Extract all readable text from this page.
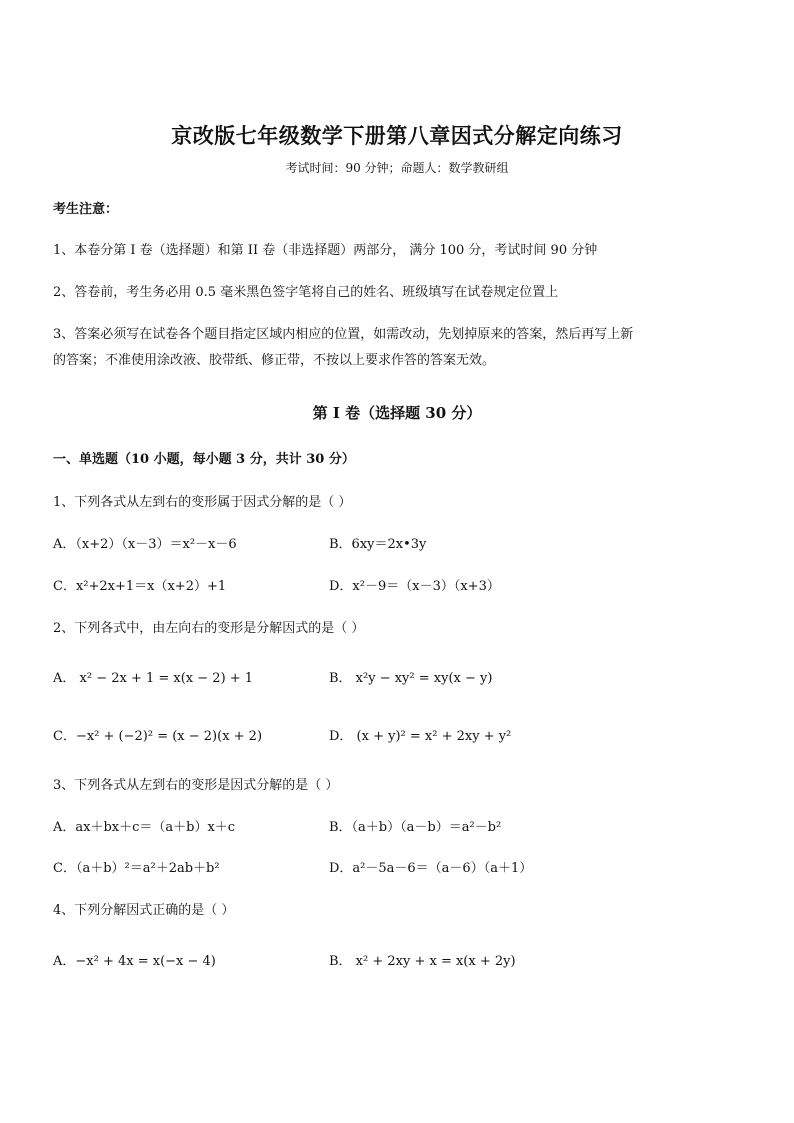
京改版七年级数学下册第八章因式分解定向练习
考试时间：90 分钟；命题人：数学教研组
考生注意：
1、本卷分第 I 卷（选择题）和第 II 卷（非选择题）两部分， 满分 100 分，考试时间 90 分钟
2、答卷前，考生务必用 0.5 毫米黑色签字笔将自己的姓名、班级填写在试卷规定位置上
3、答案必须写在试卷各个题目指定区域内相应的位置，如需改动，先划掉原来的答案，然后再写上新
的答案；不准使用涂改液、胶带纸、修正带，不按以上要求作答的答案无效。
第 I 卷（选择题 30 分）
一、单选题（10 小题，每小题 3 分，共计 30 分）
1、下列各式从左到右的变形属于因式分解的是（ ）
A．（x+2）（x－3）＝x²－x－6	B．6xy＝2x•3y
C．x²+2x+1＝x（x+2）+1	D．x²－9＝（x－3）（x+3）
2、下列各式中，由左向右的变形是分解因式的是（ ）
A． x² − 2x + 1 = x(x − 2) + 1	B． x²y − xy² = xy(x − y)
C．−x² + (−2)² = (x − 2)(x + 2)	D． (x + y)² = x² + 2xy + y²
3、下列各式从左到右的变形是因式分解的是（ ）
A．ax＋bx＋c＝（a＋b）x＋c	B．（a＋b）（a－b）＝a²－b²
C．（a＋b）²＝a²＋2ab＋b²	D．a²－5a－6＝（a－6）（a＋1）
4、下列分解因式正确的是（ ）
A．−x² + 4x = x(−x − 4)	B． x² + 2xy + x = x(x + 2y)
